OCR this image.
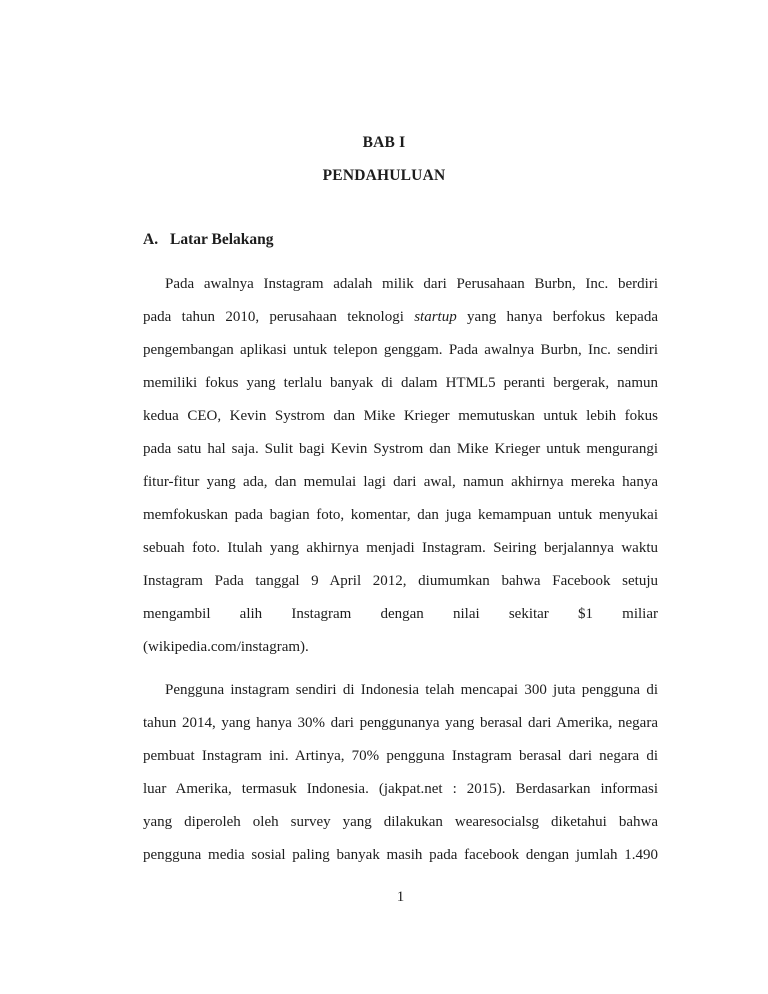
BAB I
PENDAHULUAN
A. Latar Belakang
Pada awalnya Instagram adalah milik dari Perusahaan Burbn, Inc. berdiri
pada tahun 2010, perusahaan teknologi startup yang hanya berfokus kepada
pengembangan aplikasi untuk telepon genggam. Pada awalnya Burbn, Inc. sendiri
memiliki fokus yang terlalu banyak di dalam HTML5 peranti bergerak, namun
kedua CEO, Kevin Systrom dan Mike Krieger memutuskan untuk lebih fokus
pada satu hal saja. Sulit bagi Kevin Systrom dan Mike Krieger untuk mengurangi
fitur-fitur yang ada, dan memulai lagi dari awal, namun akhirnya mereka hanya
memfokuskan pada bagian foto, komentar, dan juga kemampuan untuk menyukai
sebuah foto. Itulah yang akhirnya menjadi Instagram. Seiring berjalannya waktu
Instagram Pada tanggal 9 April 2012, diumumkan bahwa Facebook setuju
mengambil alih Instagram dengan nilai sekitar $1 miliar
(wikipedia.com/instagram).
Pengguna instagram sendiri di Indonesia telah mencapai 300 juta pengguna di
tahun 2014, yang hanya 30% dari penggunanya yang berasal dari Amerika, negara
pembuat Instagram ini. Artinya, 70% pengguna Instagram berasal dari negara di
luar Amerika, termasuk Indonesia. (jakpat.net : 2015). Berdasarkan informasi
yang diperoleh oleh survey yang dilakukan wearesocialsg diketahui bahwa
pengguna media sosial paling banyak masih pada facebook dengan jumlah 1.490
1
